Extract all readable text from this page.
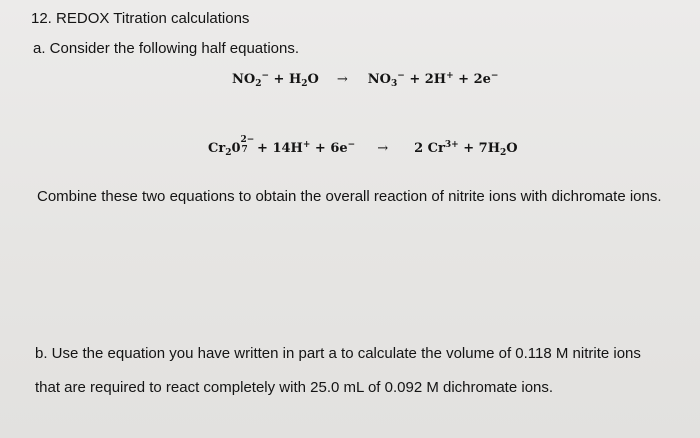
12. REDOX Titration calculations
a. Consider the following half equations.
$NO_2^- + H_2O \to NO_3^- + 2H^+ + 2e^-$
$Cr_20$
2−
7 + 14H+ + 6e− → 2 $Cr^{3+} + 7H_2O$
Combine these two equations to obtain the overall reaction of nitrite ions with dichromate ions.
b. Use the equation you have written in part a to calculate the volume of 0.118 M nitrite ions
that are required to react completely with 25.0 mL of 0.092 M dichromate ions.
